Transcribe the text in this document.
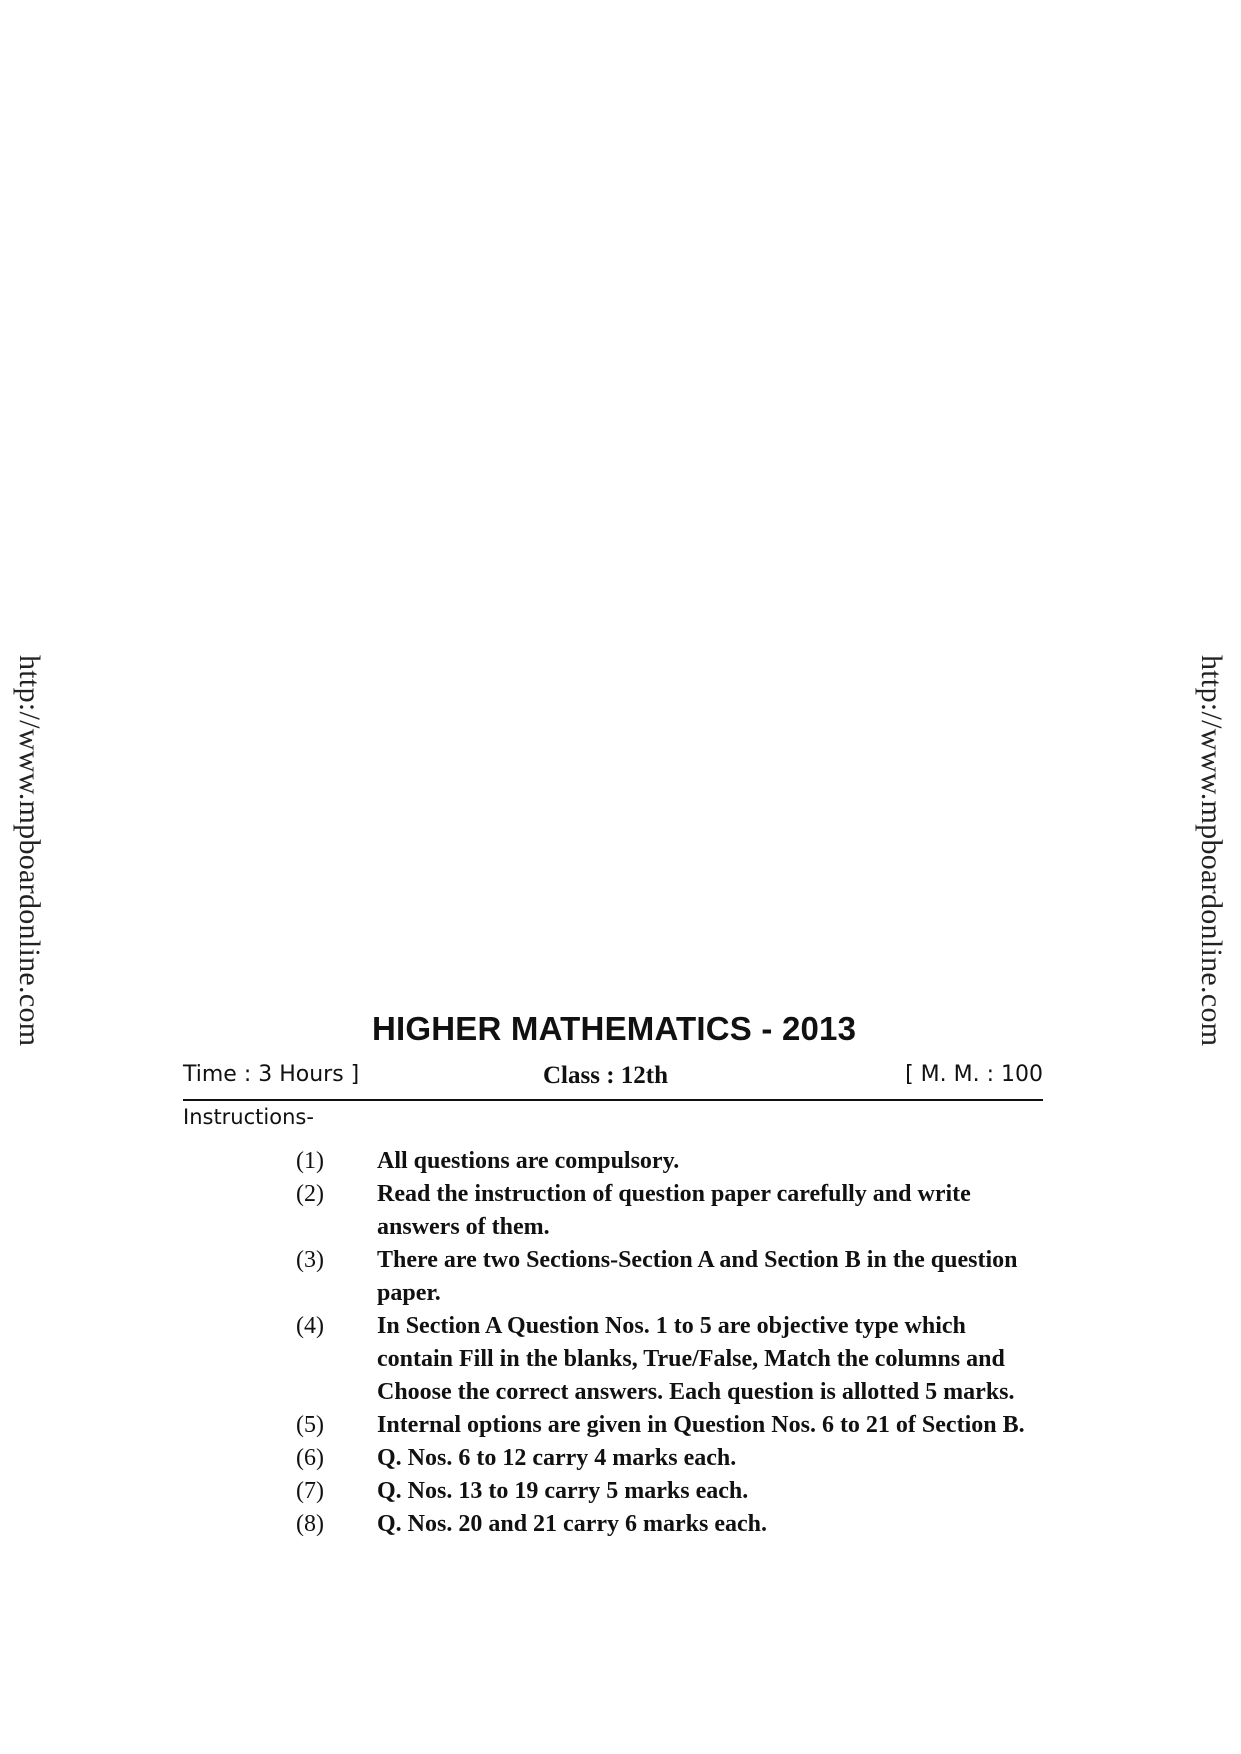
http://www.mpboardonline.com	http://www.mpboardonline.com
HIGHER MATHEMATICS - 2013
Time : 3 Hours ]	Class : 12th	[ M. M. : 100
Instructions-
(1)	All questions are compulsory.
(2)	Read the instruction of question paper carefully and write answers of them.
(3)	There are two Sections-Section A and Section B in the question paper.
(4)	In Section A Question Nos. 1 to 5 are objective type which contain Fill in the blanks, True/False, Match the columns and Choose the correct answers. Each question is allotted 5 marks.
(5)	Internal options are given in Question Nos. 6 to 21 of Section B.
(6)	Q. Nos. 6 to 12 carry 4 marks each.
(7)	Q. Nos. 13 to 19 carry 5 marks each.
(8)	Q. Nos. 20 and 21 carry 6 marks each.
